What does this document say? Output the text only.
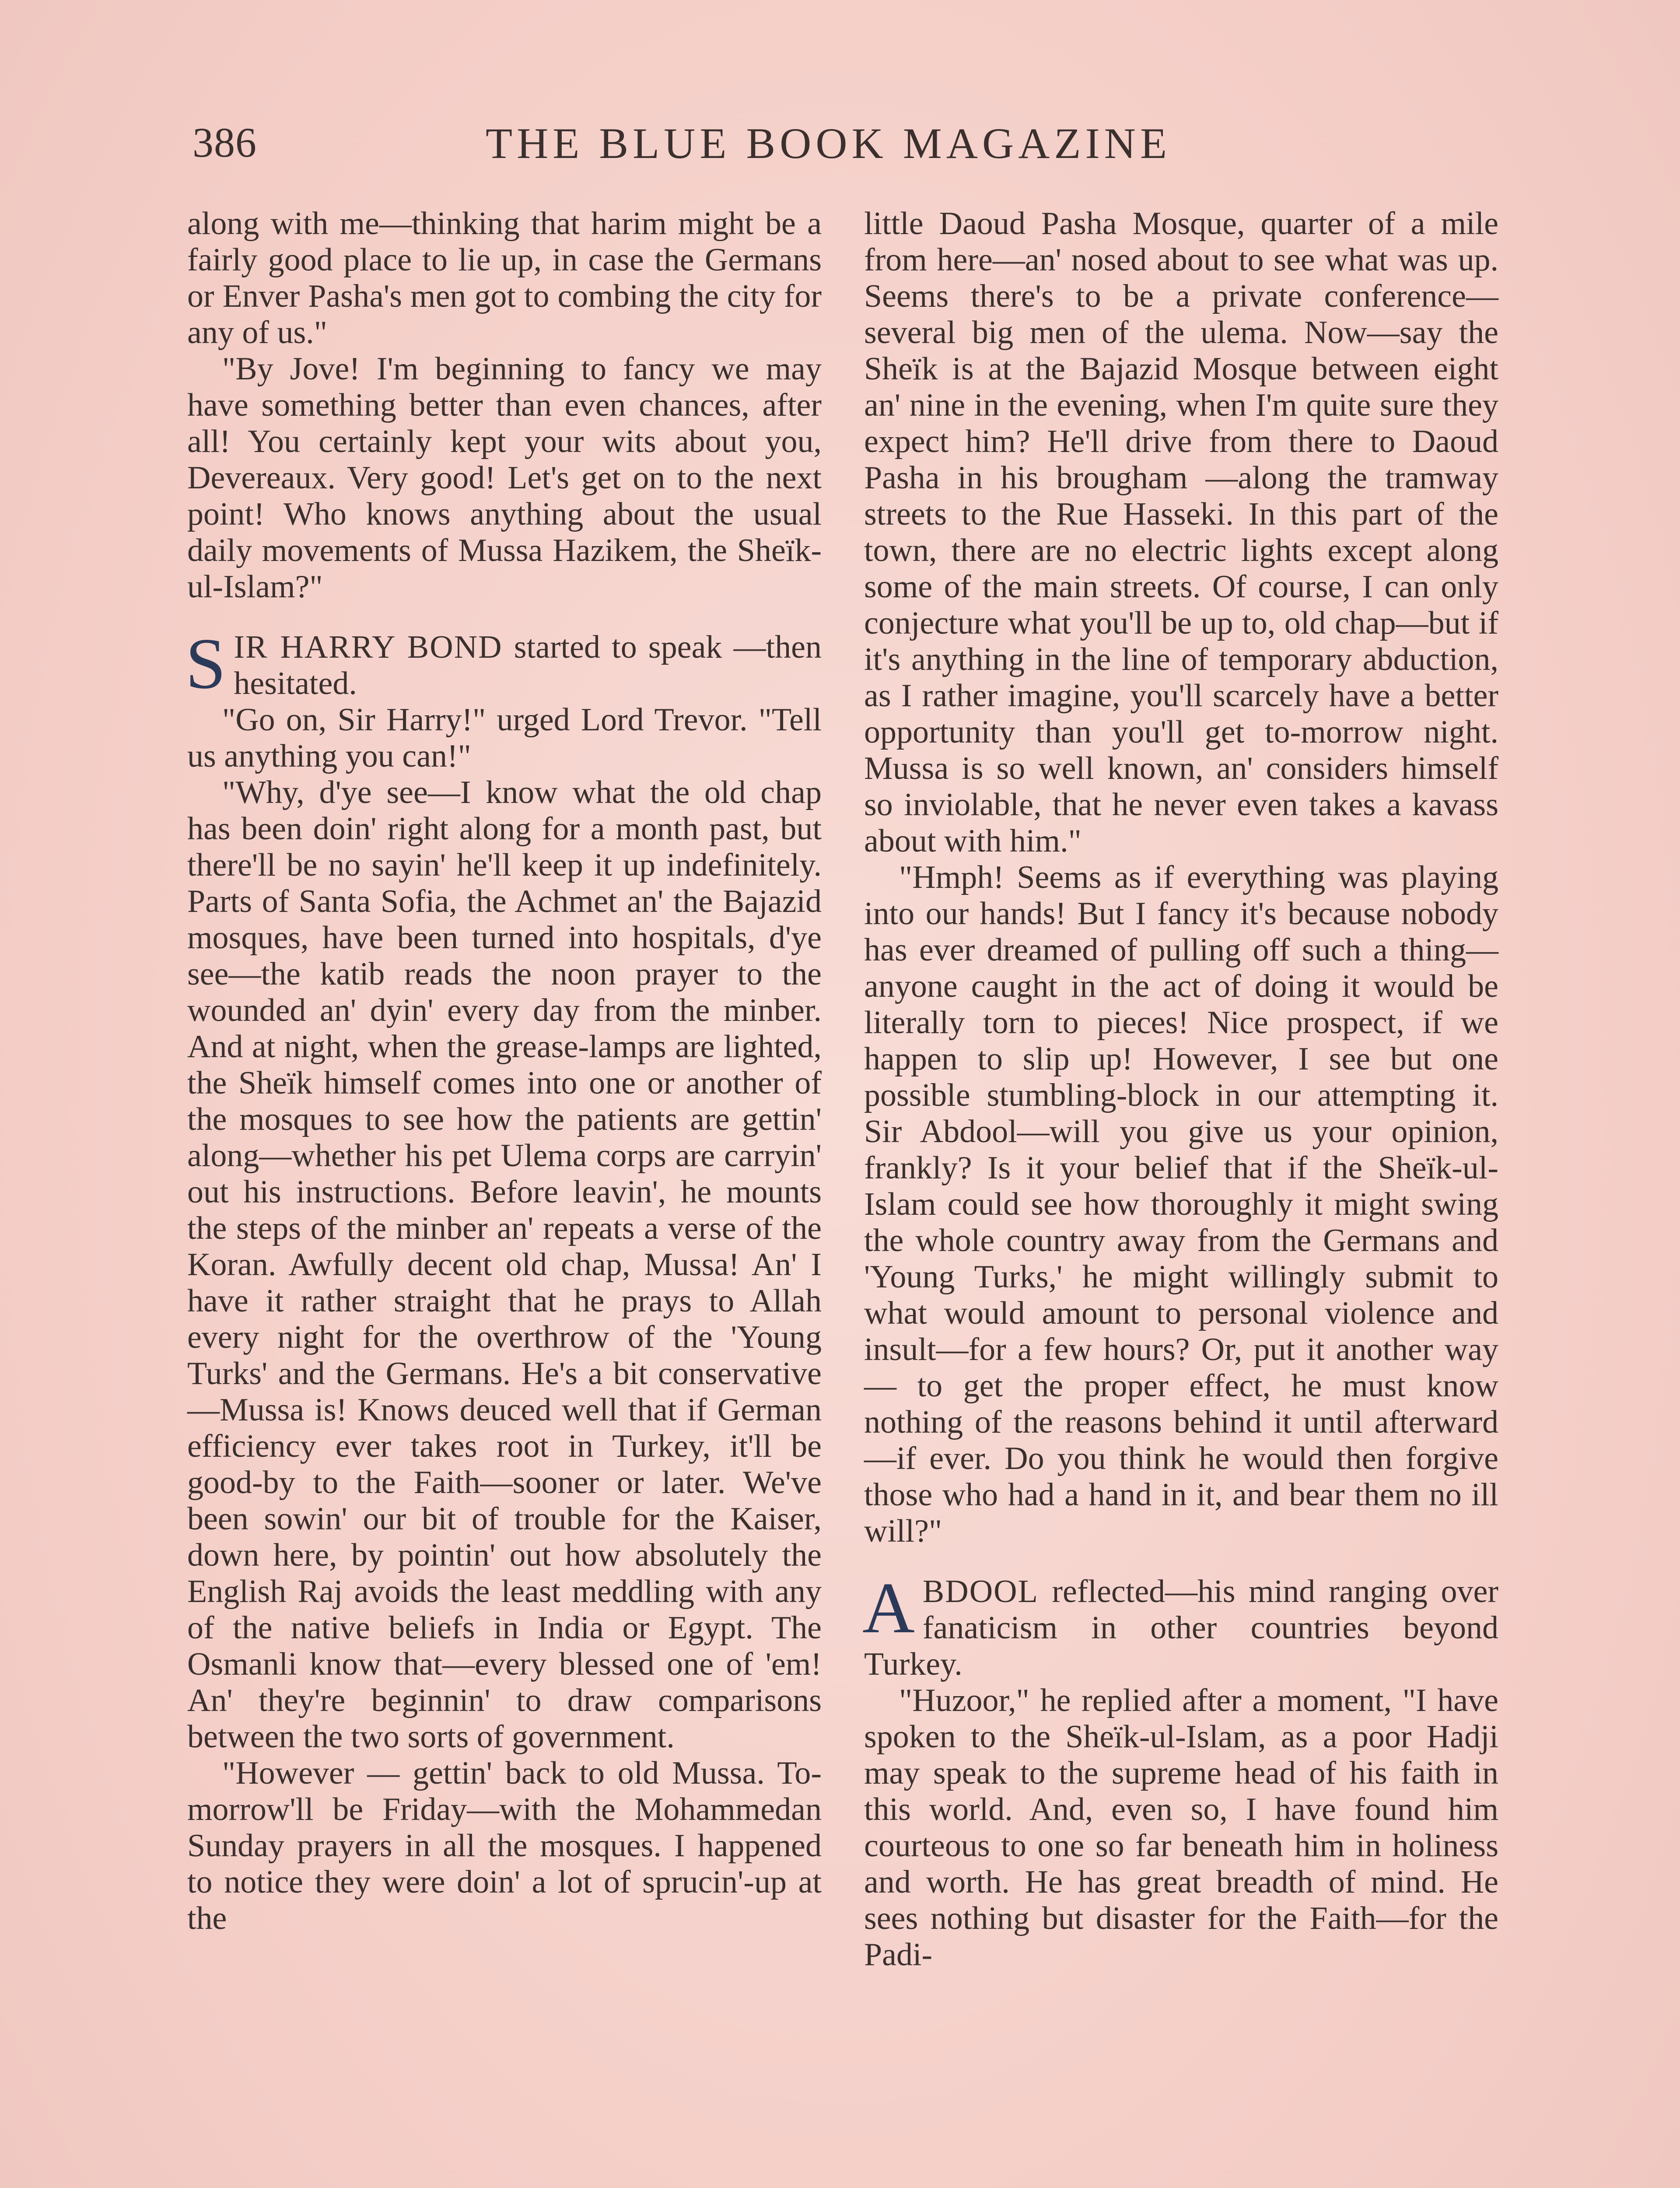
386	THE BLUE BOOK MAGAZINE

along with me—thinking that harim might be a fairly good place to lie up, in case the Germans or Enver Pasha's men got to combing the city for any of us."

"By Jove! I'm beginning to fancy we may have something better than even chances, after all! You certainly kept your wits about you, Devereaux. Very good! Let's get on to the next point! Who knows anything about the usual daily movements of Mussa Hazikem, the Sheïk-ul-Islam?"

SIR HARRY BOND started to speak —then hesitated.

"Go on, Sir Harry!" urged Lord Trevor. "Tell us anything you can!"

"Why, d'ye see—I know what the old chap has been doin' right along for a month past, but there'll be no sayin' he'll keep it up indefinitely. Parts of Santa Sofia, the Achmet an' the Bajazid mosques, have been turned into hospitals, d'ye see—the katib reads the noon prayer to the wounded an' dyin' every day from the minber. And at night, when the grease-lamps are lighted, the Sheïk himself comes into one or another of the mosques to see how the patients are gettin' along—whether his pet Ulema corps are carryin' out his instructions. Before leavin', he mounts the steps of the minber an' repeats a verse of the Koran. Awfully decent old chap, Mussa! An' I have it rather straight that he prays to Allah every night for the overthrow of the 'Young Turks' and the Germans. He's a bit conservative—Mussa is! Knows deuced well that if German efficiency ever takes root in Turkey, it'll be good-by to the Faith—sooner or later. We've been sowin' our bit of trouble for the Kaiser, down here, by pointin' out how absolutely the English Raj avoids the least meddling with any of the native beliefs in India or Egypt. The Osmanli know that—every blessed one of 'em! An' they're beginnin' to draw comparisons between the two sorts of government.

"However — gettin' back to old Mussa. To-morrow'll be Friday—with the Mohammedan Sunday prayers in all the mosques. I happened to notice they were doin' a lot of sprucin'-up at the

little Daoud Pasha Mosque, quarter of a mile from here—an' nosed about to see what was up. Seems there's to be a private conference—several big men of the ulema. Now—say the Sheïk is at the Bajazid Mosque between eight an' nine in the evening, when I'm quite sure they expect him? He'll drive from there to Daoud Pasha in his brougham —along the tramway streets to the Rue Hasseki. In this part of the town, there are no electric lights except along some of the main streets. Of course, I can only conjecture what you'll be up to, old chap—but if it's anything in the line of temporary abduction, as I rather imagine, you'll scarcely have a better opportunity than you'll get to-morrow night. Mussa is so well known, an' considers himself so inviolable, that he never even takes a kavass about with him."

"Hmph! Seems as if everything was playing into our hands! But I fancy it's because nobody has ever dreamed of pulling off such a thing—anyone caught in the act of doing it would be literally torn to pieces! Nice prospect, if we happen to slip up! However, I see but one possible stumbling-block in our attempting it. Sir Abdool—will you give us your opinion, frankly? Is it your belief that if the Sheïk-ul-Islam could see how thoroughly it might swing the whole country away from the Germans and 'Young Turks,' he might willingly submit to what would amount to personal violence and insult—for a few hours? Or, put it another way— to get the proper effect, he must know nothing of the reasons behind it until afterward—if ever. Do you think he would then forgive those who had a hand in it, and bear them no ill will?"

ABDOOL reflected—his mind ranging over fanaticism in other countries beyond Turkey.

"Huzoor," he replied after a moment, "I have spoken to the Sheïk-ul-Islam, as a poor Hadji may speak to the supreme head of his faith in this world. And, even so, I have found him courteous to one so far beneath him in holiness and worth. He has great breadth of mind. He sees nothing but disaster for the Faith—for the Padi-
